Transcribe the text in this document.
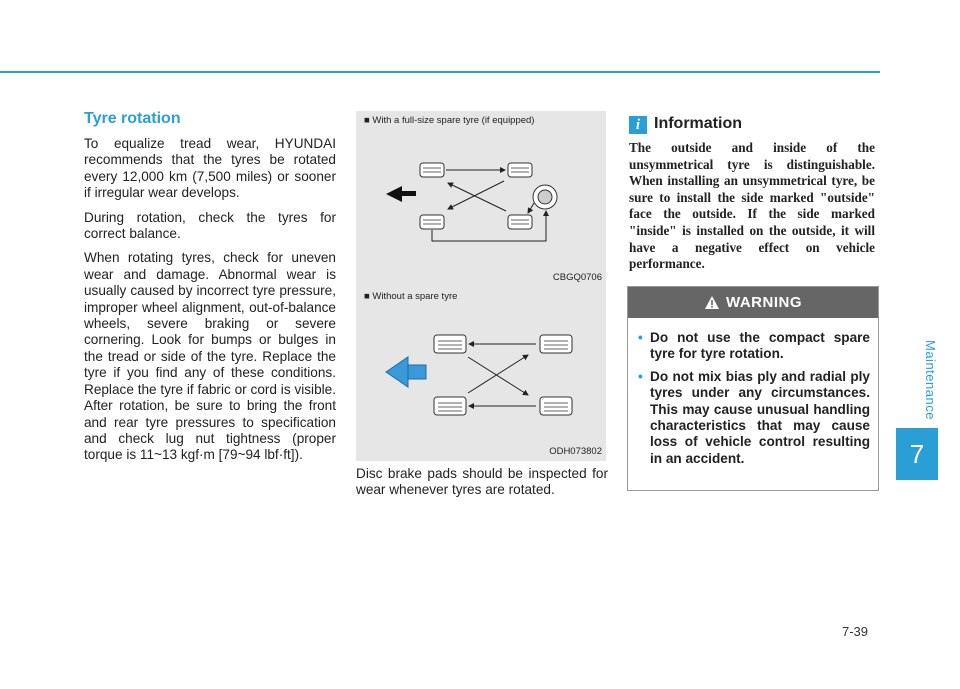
Maintenance
7
Tyre rotation

To equalize tread wear, HYUNDAI recommends that the tyres be rotated every 12,000 km (7,500 miles) or sooner if irregular wear develops.

During rotation, check the tyres for correct balance.

When rotating tyres, check for uneven wear and damage. Abnormal wear is usually caused by incorrect tyre pressure, improper wheel alignment, out-of-balance wheels, severe braking or severe cornering. Look for bumps or bulges in the tread or side of the tyre. Replace the tyre if you find any of these conditions. Replace the tyre if fabric or cord is visible. After rotation, be sure to bring the front and rear tyre pressures to specification and check lug nut tightness (proper torque is 11~13 kgf·m [79~94 lbf·ft]).

■ With a full-size spare tyre (if equipped)
CBGQ0706
■ Without a spare tyre
ODH073802
Disc brake pads should be inspected for wear whenever tyres are rotated.
i Information
The outside and inside of the unsymmetrical tyre is distinguishable. When installing an unsymmetrical tyre, be sure to install the side marked "outside" face the outside. If the side marked "inside" is installed on the outside, it will have a negative effect on vehicle performance.
WARNING
• Do not use the compact spare tyre for tyre rotation.
• Do not mix bias ply and radial ply tyres under any circumstances. This may cause unusual handling characteristics that may cause loss of vehicle control resulting in an accident.
7-39
